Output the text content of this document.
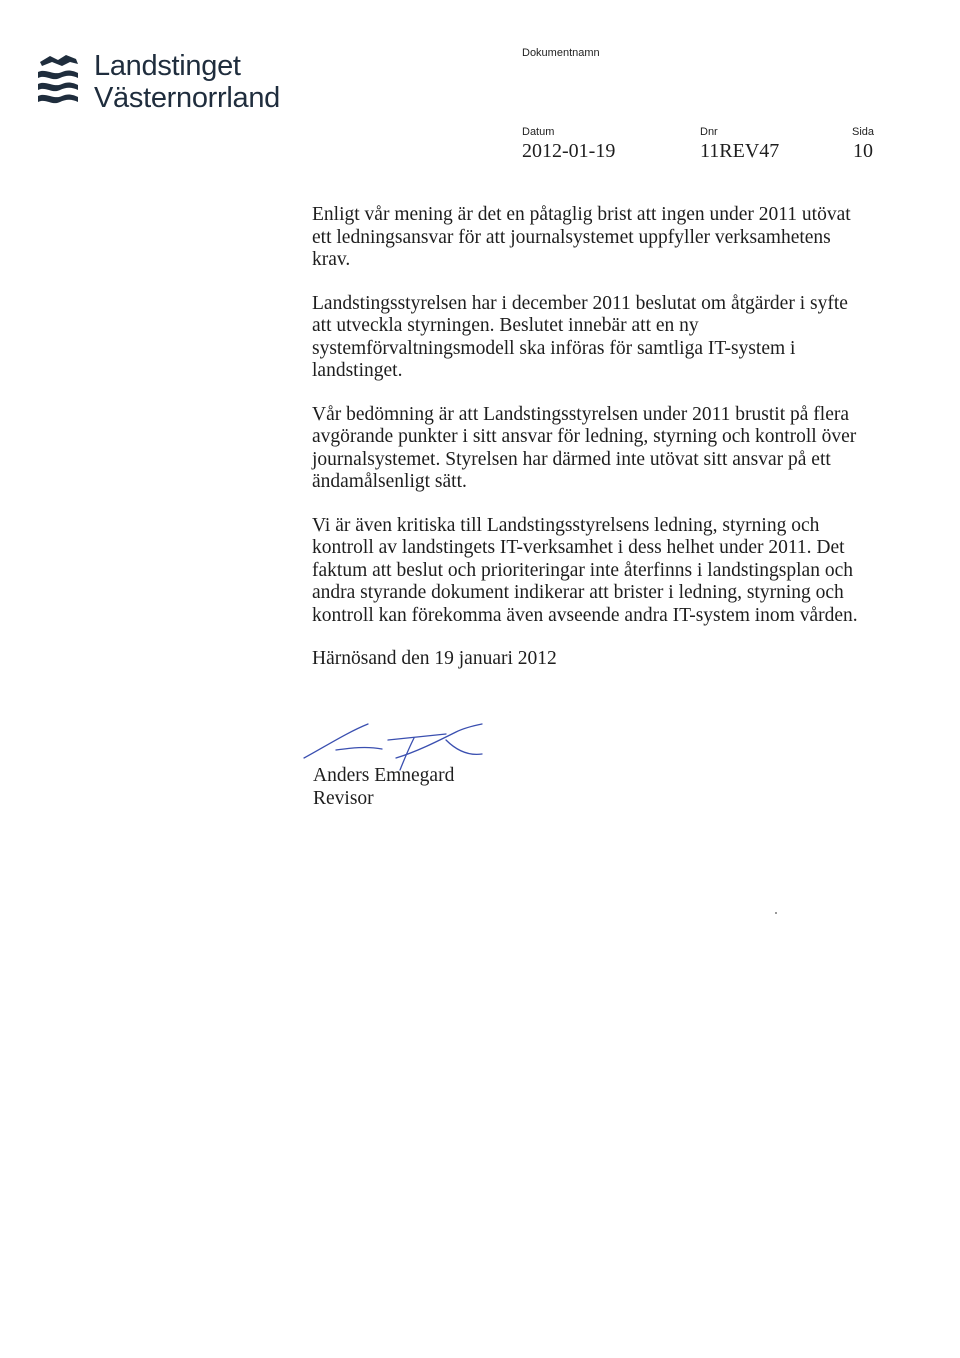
Landstinget
Västernorrland
Dokumentnamn
Datum
2012-01-19
Dnr
11REV47
Sida
10

Enligt vår mening är det en påtaglig brist att ingen under 2011 utövat ett ledningsansvar för att journalsystemet uppfyller verksamhetens krav.

Landstingsstyrelsen har i december 2011 beslutat om åtgärder i syfte att utveckla styrningen. Beslutet innebär att en ny systemförvaltningsmodell ska införas för samtliga IT-system i landstinget.

Vår bedömning är att Landstingsstyrelsen under 2011 brustit på flera avgörande punkter i sitt ansvar för ledning, styrning och kontroll över journalsystemet. Styrelsen har därmed inte utövat sitt ansvar på ett ändamålsenligt sätt.

Vi är även kritiska till Landstingsstyrelsens ledning, styrning och kontroll av landstingets IT-verksamhet i dess helhet under 2011. Det faktum att beslut och prioriteringar inte återfinns i landstingsplan och andra styrande dokument indikerar att brister i ledning, styrning och kontroll kan förekomma även avseende andra IT-system inom vården.

Härnösand den 19 januari 2012

Anders Emnegard
Revisor
